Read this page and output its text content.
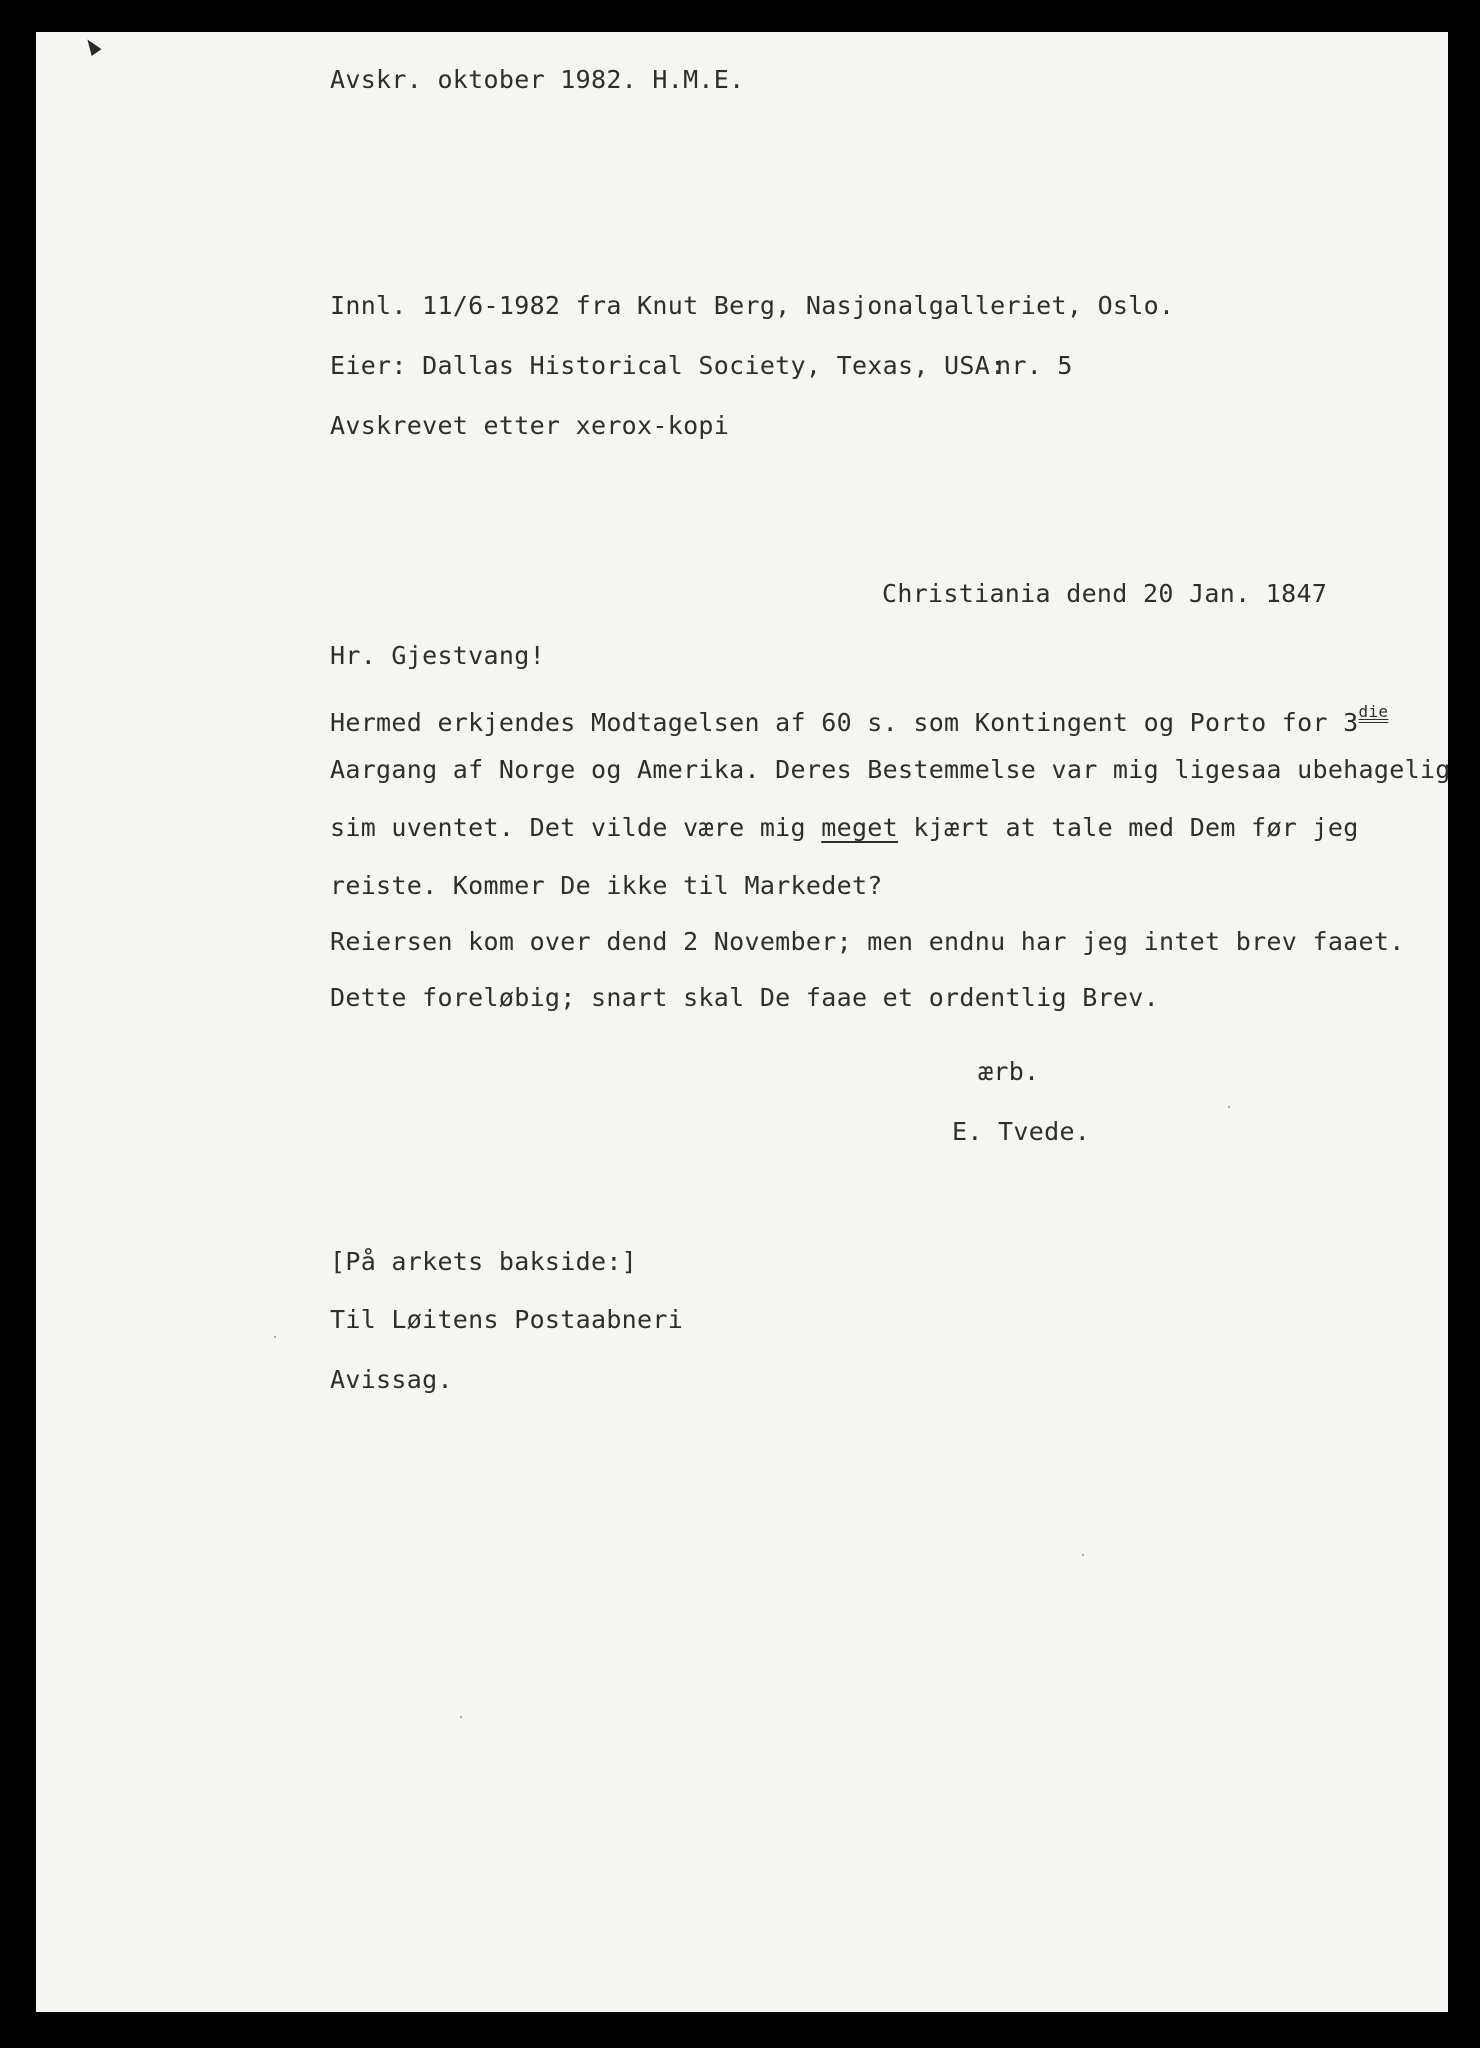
Avskr. oktober 1982. H.M.E.

Innl. 11/6-1982 fra Knut Berg, Nasjonalgalleriet, Oslo.

Eier: Dallas Historical Society, Texas, USA:

nr. 5

Avskrevet etter xerox-kopi

Christiania dend 20 Jan. 1847

Hr. Gjestvang!

Hermed erkjendes Modtagelsen af 60 s. som Kontingent og Porto for $3^{die}$

Aargang af Norge og Amerika. Deres Bestemmelse var mig ligesaa ubehagelig

sim uventet. Det vilde være mig meget kjært at tale med Dem før jeg

reiste. Kommer De ikke til Markedet?

Reiersen kom over dend 2 November; men endnu har jeg intet brev faaet.

Dette foreløbig; snart skal De faae et ordentlig Brev.

ærb.

E. Tvede.

[På arkets bakside:]

Til Løitens Postaabneri

Avissag.
